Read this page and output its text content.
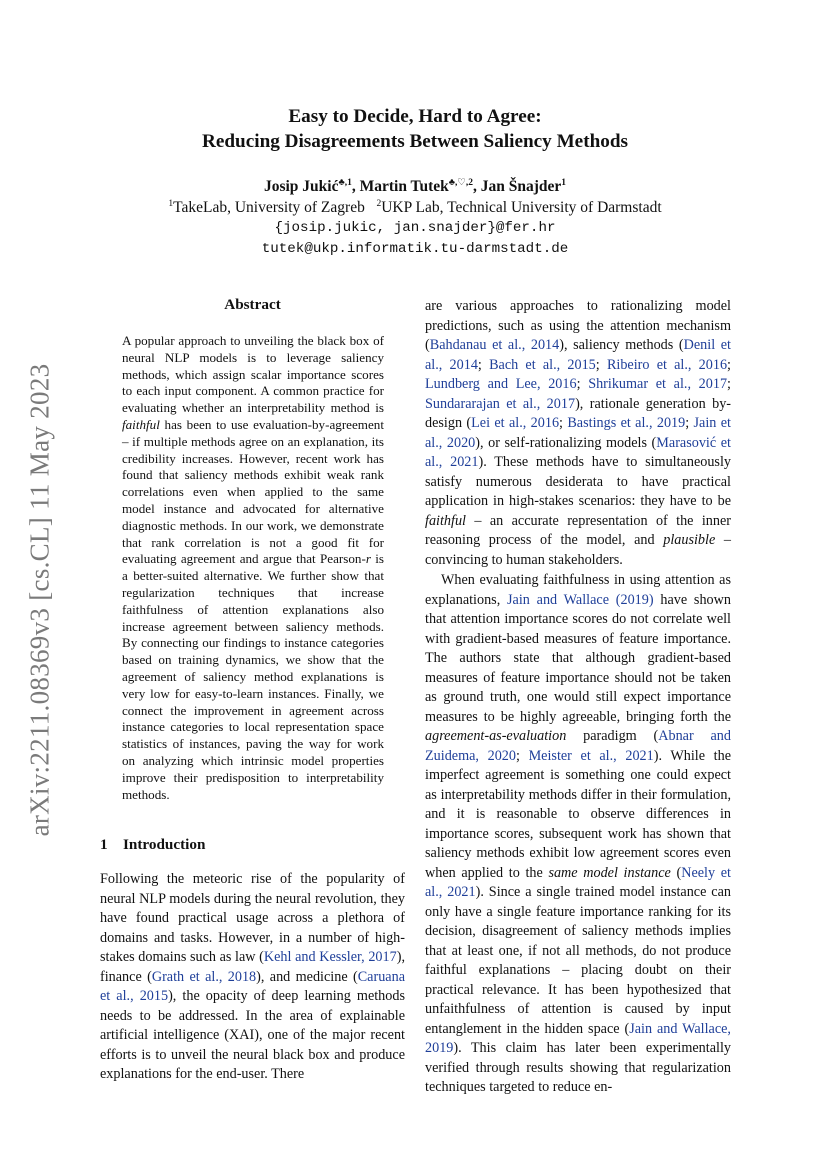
arXiv:2211.08369v3 [cs.CL] 11 May 2023
Easy to Decide, Hard to Agree:
Reducing Disagreements Between Saliency Methods
Josip Jukić$^{♣,1}$, Martin Tutek$^{♣,♡,2}$, Jan Šnajder$^1$
$^1$TakeLab, University of Zagreb $^2$UKP Lab, Technical University of Darmstadt
{josip.jukic, jan.snajder}@fer.hr
tutek@ukp.informatik.tu-darmstadt.de
Abstract
A popular approach to unveiling the black box of neural NLP models is to leverage saliency methods, which assign scalar importance scores to each input component. A common practice for evaluating whether an interpretability method is faithful has been to use evaluation-by-agreement – if multiple methods agree on an explanation, its credibility increases. However, recent work has found that saliency methods exhibit weak rank correlations even when applied to the same model instance and advocated for alternative diagnostic methods. In our work, we demonstrate that rank correlation is not a good fit for evaluating agreement and argue that Pearson-r is a better-suited alternative. We further show that regularization techniques that increase faithfulness of attention explanations also increase agreement between saliency methods. By connecting our findings to instance categories based on training dynamics, we show that the agreement of saliency method explanations is very low for easy-to-learn instances. Finally, we connect the improvement in agreement across instance categories to local representation space statistics of instances, paving the way for work on analyzing which intrinsic model properties improve their predisposition to interpretability methods.
1 Introduction

Following the meteoric rise of the popularity of neural NLP models during the neural revolution, they have found practical usage across a plethora of domains and tasks. However, in a number of high-stakes domains such as law (Kehl and Kessler, 2017), finance (Grath et al., 2018), and medicine (Caruana et al., 2015), the opacity of deep learning methods needs to be addressed. In the area of explainable artificial intelligence (XAI), one of the major recent efforts is to unveil the neural black box and produce explanations for the end-user. There

are various approaches to rationalizing model predictions, such as using the attention mechanism (Bahdanau et al., 2014), saliency methods (Denil et al., 2014; Bach et al., 2015; Ribeiro et al., 2016; Lundberg and Lee, 2016; Shrikumar et al., 2017; Sundararajan et al., 2017), rationale generation by-design (Lei et al., 2016; Bastings et al., 2019; Jain et al., 2020), or self-rationalizing models (Marasović et al., 2021). These methods have to simultaneously satisfy numerous desiderata to have practical application in high-stakes scenarios: they have to be faithful – an accurate representation of the inner reasoning process of the model, and plausible – convincing to human stakeholders.

When evaluating faithfulness in using attention as explanations, Jain and Wallace (2019) have shown that attention importance scores do not correlate well with gradient-based measures of feature importance. The authors state that although gradient-based measures of feature importance should not be taken as ground truth, one would still expect importance measures to be highly agreeable, bringing forth the agreement-as-evaluation paradigm (Abnar and Zuidema, 2020; Meister et al., 2021). While the imperfect agreement is something one could expect as interpretability methods differ in their formulation, and it is reasonable to observe differences in importance scores, subsequent work has shown that saliency methods exhibit low agreement scores even when applied to the same model instance (Neely et al., 2021). Since a single trained model instance can only have a single feature importance ranking for its decision, disagreement of saliency methods implies that at least one, if not all methods, do not produce faithful explanations – placing doubt on their practical relevance. It has been hypothesized that unfaithfulness of attention is caused by input entanglement in the hidden space (Jain and Wallace, 2019). This claim has later been experimentally verified through results showing that regularization techniques targeted to reduce en-
